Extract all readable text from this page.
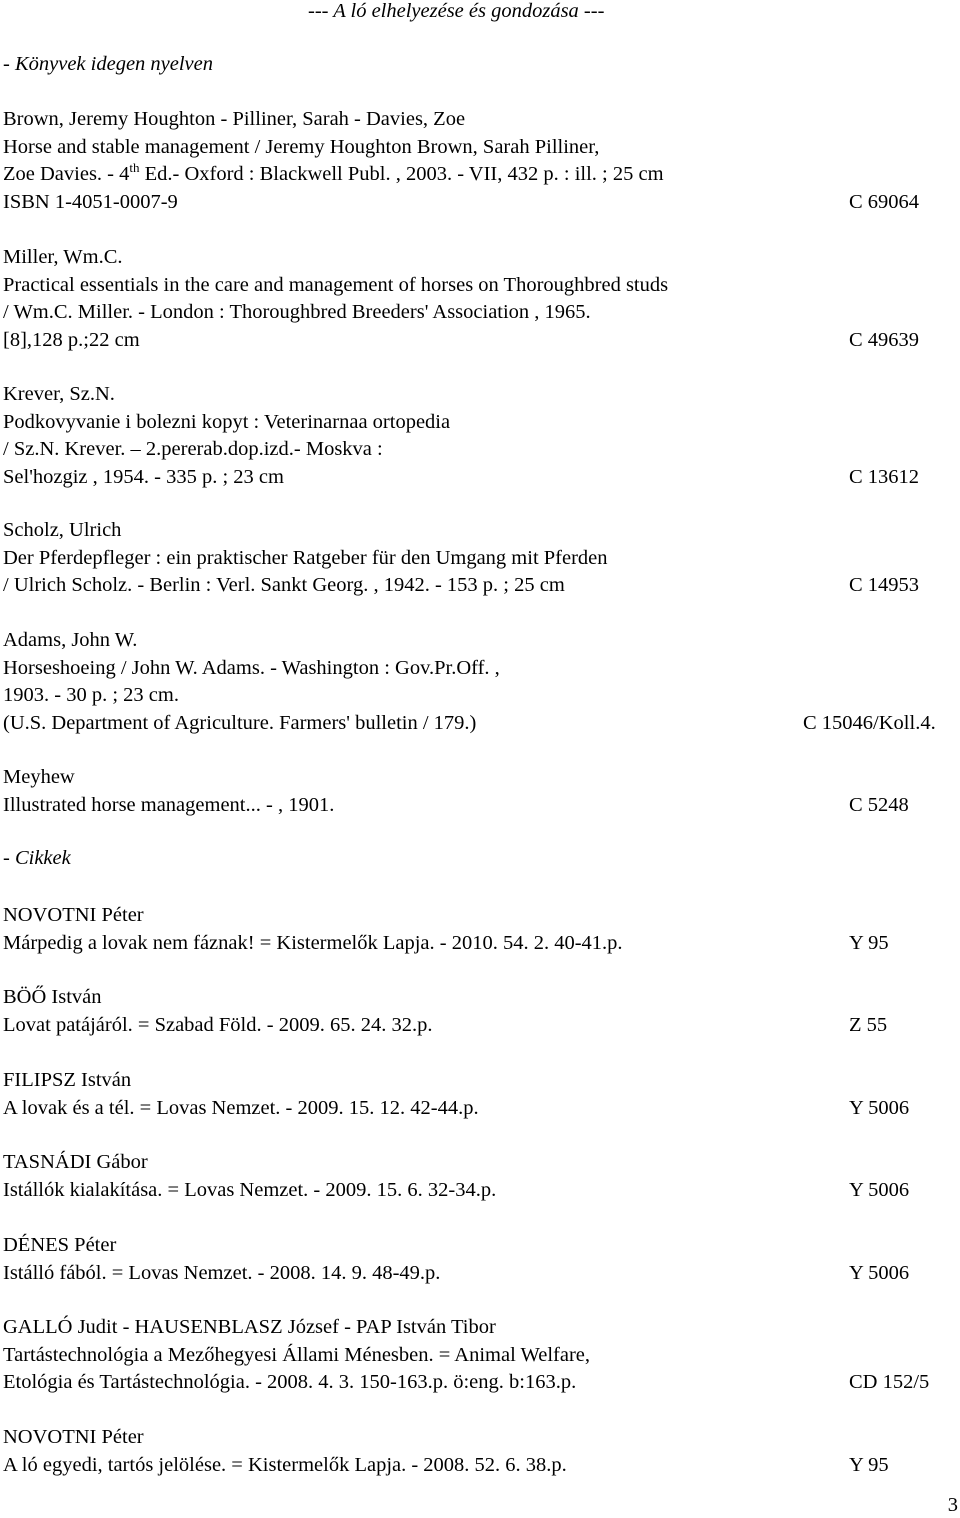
--- A ló elhelyezése és gondozása ---
- Könyvek idegen nyelven
Brown, Jeremy Houghton - Pilliner, Sarah - Davies, Zoe
Horse and stable management / Jeremy Houghton Brown, Sarah Pilliner,
Zoe Davies. - 4th Ed.- Oxford : Blackwell Publ. , 2003. - VII, 432 p. : ill. ; 25 cm
ISBN 1-4051-0007-9	C 69064
Miller, Wm.C.
Practical essentials in the care and management of horses on Thoroughbred studs
/ Wm.C. Miller. - London : Thoroughbred Breeders' Association , 1965.
[8],128 p.;22 cm	C 49639
Krever, Sz.N.
Podkovyvanie i bolezni kopyt : Veterinarnaa ortopedia
/ Sz.N. Krever. – 2.pererab.dop.izd.- Moskva :
Sel'hozgiz , 1954. - 335 p. ; 23 cm	C 13612
Scholz, Ulrich
Der Pferdepfleger : ein praktischer Ratgeber für den Umgang mit Pferden
/ Ulrich Scholz. - Berlin : Verl. Sankt Georg. , 1942. - 153 p. ; 25 cm	C 14953
Adams, John W.
Horseshoeing / John W. Adams. - Washington : Gov.Pr.Off. ,
1903. - 30 p. ; 23 cm.
(U.S. Department of Agriculture. Farmers' bulletin / 179.)	C 15046/Koll.4.
Meyhew
Illustrated horse management... - , 1901.	C 5248
- Cikkek
NOVOTNI Péter
Márpedig a lovak nem fáznak! = Kistermelők Lapja. - 2010. 54. 2. 40-41.p.	Y 95
BÖŐ István
Lovat patájáról. = Szabad Föld. - 2009. 65. 24. 32.p.	Z 55
FILIPSZ István
A lovak és a tél. = Lovas Nemzet. - 2009. 15. 12. 42-44.p.	Y 5006
TASNÁDI Gábor
Istállók kialakítása. = Lovas Nemzet. - 2009. 15. 6. 32-34.p.	Y 5006
DÉNES Péter
Istálló fából. = Lovas Nemzet. - 2008. 14. 9. 48-49.p.	Y 5006
GALLÓ Judit - HAUSENBLASZ József - PAP István Tibor
Tartástechnológia a Mezőhegyesi Állami Ménesben. = Animal Welfare,
Etológia és Tartástechnológia. - 2008. 4. 3. 150-163.p. ö:eng. b:163.p.	CD 152/5
NOVOTNI Péter
A ló egyedi, tartós jelölése. = Kistermelők Lapja. - 2008. 52. 6. 38.p.	Y 95
3
